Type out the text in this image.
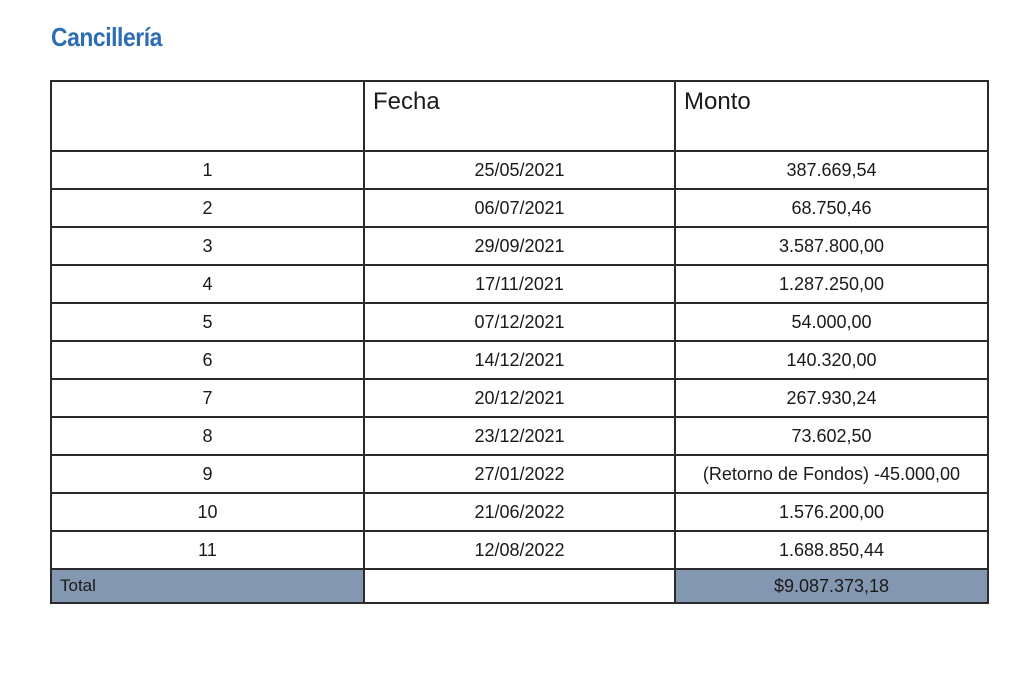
Cancillería
	Fecha	Monto
1	25/05/2021	387.669,54
2	06/07/2021	68.750,46
3	29/09/2021	3.587.800,00
4	17/11/2021	1.287.250,00
5	07/12/2021	54.000,00
6	14/12/2021	140.320,00
7	20/12/2021	267.930,24
8	23/12/2021	73.602,50
9	27/01/2022	(Retorno de Fondos) -45.000,00
10	21/06/2022	1.576.200,00
11	12/08/2022	1.688.850,44
Total		$9.087.373,18
